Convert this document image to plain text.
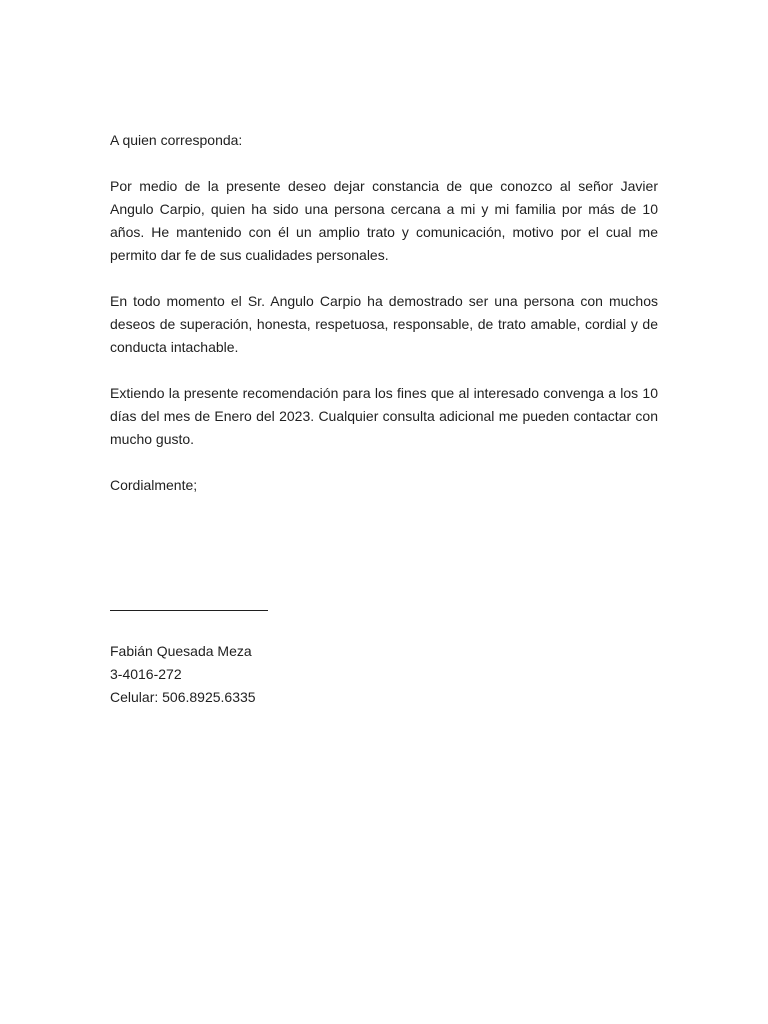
A quien corresponda:

Por medio de la presente deseo dejar constancia de que conozco al señor Javier Angulo Carpio, quien ha sido una persona cercana a mi y mi familia por más de 10 años. He mantenido con él un amplio trato y comunicación, motivo por el cual me permito dar fe de sus cualidades personales.

En todo momento el Sr. Angulo Carpio ha demostrado ser una persona con muchos deseos de superación, honesta, respetuosa, responsable, de trato amable, cordial y de conducta intachable.

Extiendo la presente recomendación para los fines que al interesado convenga a los 10 días del mes de Enero del 2023. Cualquier consulta adicional me pueden contactar con mucho gusto.

Cordialmente;

Fabián Quesada Meza
3-4016-272
Celular: 506.8925.6335
